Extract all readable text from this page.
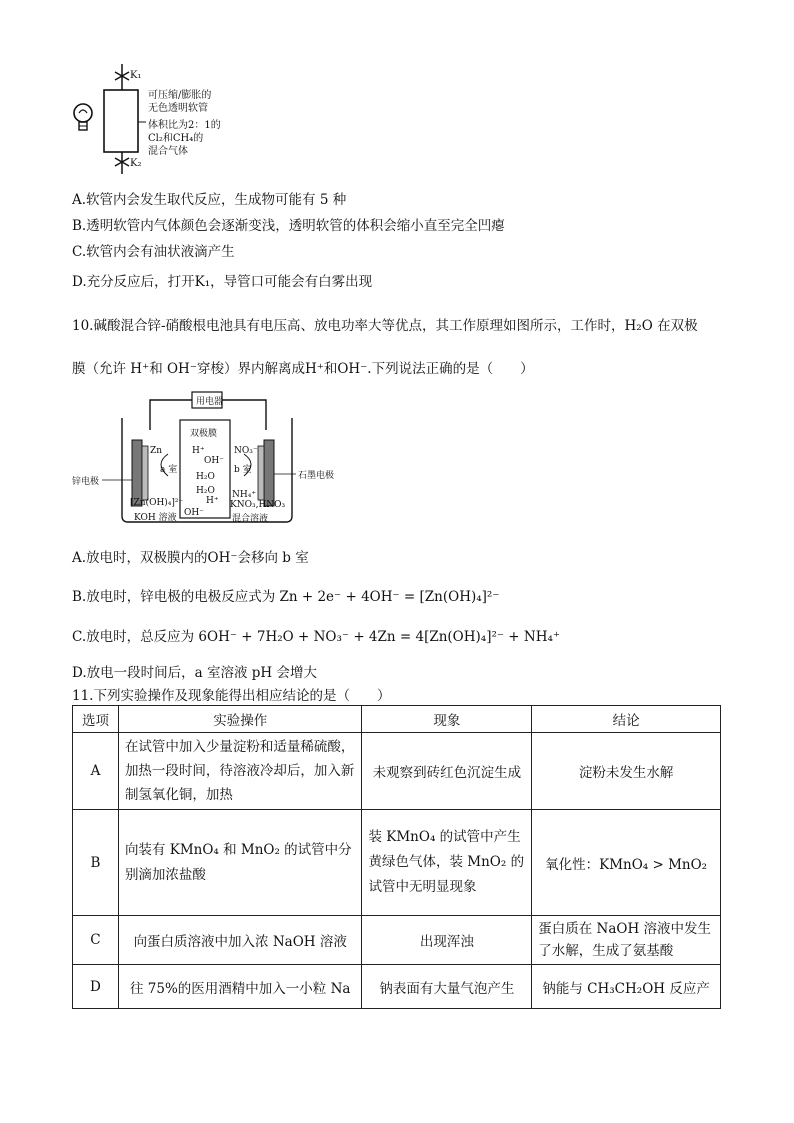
K₁
K₂
可压缩/膨胀的
无色透明软管
体积比为2：1的
Cl₂和CH₄的
混合气体
A.软管内会发生取代反应，生成物可能有 5 种
B.透明软管内气体颜色会逐渐变浅，透明软管的体积会缩小直至完全凹瘪
C.软管内会有油状液滴产生
D.充分反应后，打开K₁，导管口可能会有白雾出现
10.碱酸混合锌-硝酸根电池具有电压高、放电功率大等优点，其工作原理如图所示，工作时，H₂O 在双极
膜（允许 H⁺和 OH⁻穿梭）界内解离成H⁺和OH⁻.下列说法正确的是（　　）
用电器
双极膜
Zn
a 室
H⁺
OH⁻
H₂O
H₂O
H⁺
OH⁻
NO₃⁻
b 室
NH₄⁺
[Zn(OH)₄]²⁻
KOH 溶液
KNO₃,HNO₃
混合溶液
锌电极
石墨电极
A.放电时，双极膜内的OH⁻会移向 b 室
B.放电时，锌电极的电极反应式为 Zn + 2e⁻ + 4OH⁻ = [Zn(OH)₄]²⁻
C.放电时，总反应为 6OH⁻ + 7H₂O + NO₃⁻ + 4Zn = 4[Zn(OH)₄]²⁻ + NH₄⁺
D.放电一段时间后，a 室溶液 pH 会增大
11.下列实验操作及现象能得出相应结论的是（　　）
选项	实验操作	现象	结论
A	在试管中加入少量淀粉和适量稀硫酸，加热一段时间，待溶液冷却后，加入新制氢氧化铜，加热	未观察到砖红色沉淀生成	淀粉未发生水解
B	向装有 KMnO₄ 和 MnO₂ 的试管中分别滴加浓盐酸	装 KMnO₄ 的试管中产生黄绿色气体，装 MnO₂ 的试管中无明显现象	氧化性：KMnO₄ > MnO₂
C	向蛋白质溶液中加入浓 NaOH 溶液	出现浑浊	蛋白质在 NaOH 溶液中发生了水解，生成了氨基酸
D	往 75%的医用酒精中加入一小粒 Na	钠表面有大量气泡产生	钠能与 CH₃CH₂OH 反应产
